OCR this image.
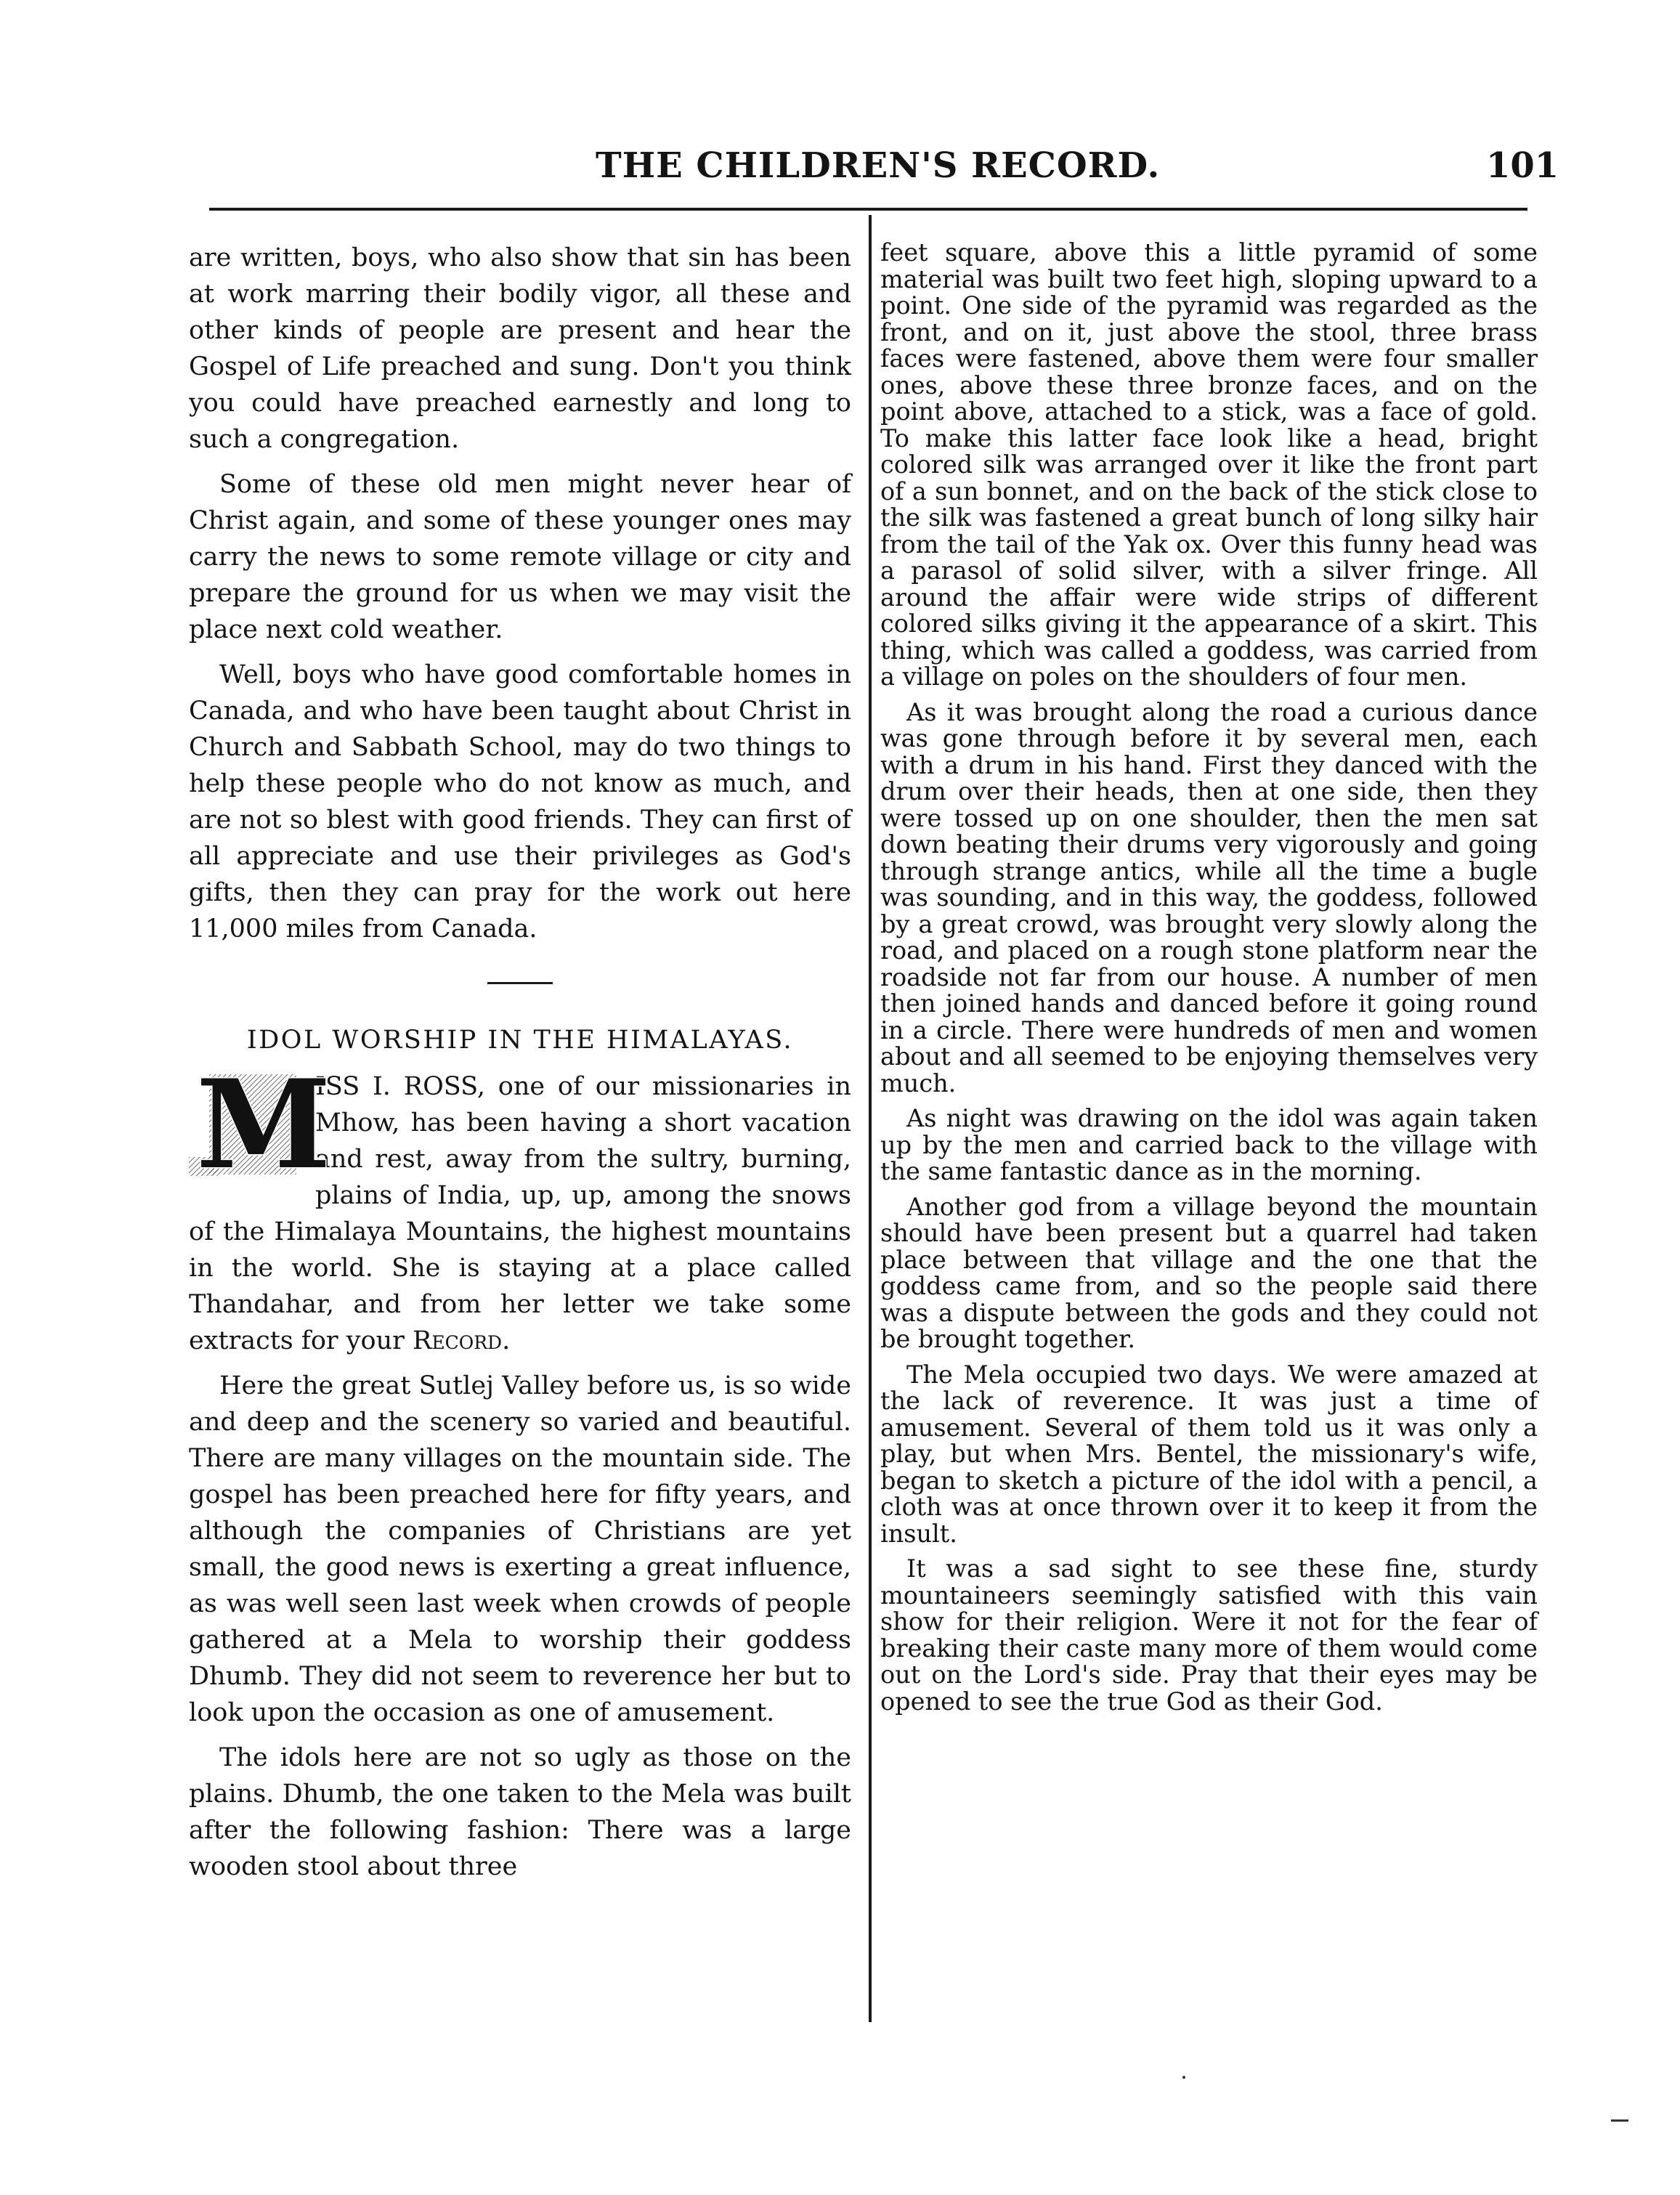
THE CHILDREN'S RECORD.	101

are written, boys, who also show that sin has been at work marring their bodily vigor, all these and other kinds of people are present and hear the Gospel of Life preached and sung. Don't you think you could have preached earnestly and long to such a congregation.

Some of these old men might never hear of Christ again, and some of these younger ones may carry the news to some remote village or city and prepare the ground for us when we may visit the place next cold weather.

Well, boys who have good comfortable homes in Canada, and who have been taught about Christ in Church and Sabbath School, may do two things to help these people who do not know as much, and are not so blest with good friends. They can first of all appreciate and use their privileges as God's gifts, then they can pray for the work out here 11,000 miles from Canada.

IDOL WORSHIP IN THE HIMALAYAS.

M
ISS I. ROSS, one of our missionaries in Mhow, has been having a short vacation and rest, away from the sultry, burning, plains of India, up, up, among the snows of the Himalaya Mountains, the highest mountains in the world. She is staying at a place called Thandahar, and from her letter we take some extracts for your Record.

Here the great Sutlej Valley before us, is so wide and deep and the scenery so varied and beautiful. There are many villages on the mountain side. The gospel has been preached here for fifty years, and although the companies of Christians are yet small, the good news is exerting a great influence, as was well seen last week when crowds of people gathered at a Mela to worship their goddess Dhumb. They did not seem to reverence her but to look upon the occasion as one of amusement.

The idols here are not so ugly as those on the plains. Dhumb, the one taken to the Mela was built after the following fashion: There was a large wooden stool about three

feet square, above this a little pyramid of some material was built two feet high, sloping upward to a point. One side of the pyramid was regarded as the front, and on it, just above the stool, three brass faces were fastened, above them were four smaller ones, above these three bronze faces, and on the point above, attached to a stick, was a face of gold. To make this latter face look like a head, bright colored silk was arranged over it like the front part of a sun bonnet, and on the back of the stick close to the silk was fastened a great bunch of long silky hair from the tail of the Yak ox. Over this funny head was a parasol of solid silver, with a silver fringe. All around the affair were wide strips of different colored silks giving it the appearance of a skirt. This thing, which was called a goddess, was carried from a village on poles on the shoulders of four men.

As it was brought along the road a curious dance was gone through before it by several men, each with a drum in his hand. First they danced with the drum over their heads, then at one side, then they were tossed up on one shoulder, then the men sat down beating their drums very vigorously and going through strange antics, while all the time a bugle was sounding, and in this way, the goddess, followed by a great crowd, was brought very slowly along the road, and placed on a rough stone platform near the roadside not far from our house. A number of men then joined hands and danced before it going round in a circle. There were hundreds of men and women about and all seemed to be enjoying themselves very much.

As night was drawing on the idol was again taken up by the men and carried back to the village with the same fantastic dance as in the morning.

Another god from a village beyond the mountain should have been present but a quarrel had taken place between that village and the one that the goddess came from, and so the people said there was a dispute between the gods and they could not be brought together.

The Mela occupied two days. We were amazed at the lack of reverence. It was just a time of amusement. Several of them told us it was only a play, but when Mrs. Bentel, the missionary's wife, began to sketch a picture of the idol with a pencil, a cloth was at once thrown over it to keep it from the insult.

It was a sad sight to see these fine, sturdy mountaineers seemingly satisfied with this vain show for their religion. Were it not for the fear of breaking their caste many more of them would come out on the Lord's side. Pray that their eyes may be opened to see the true God as their God.
